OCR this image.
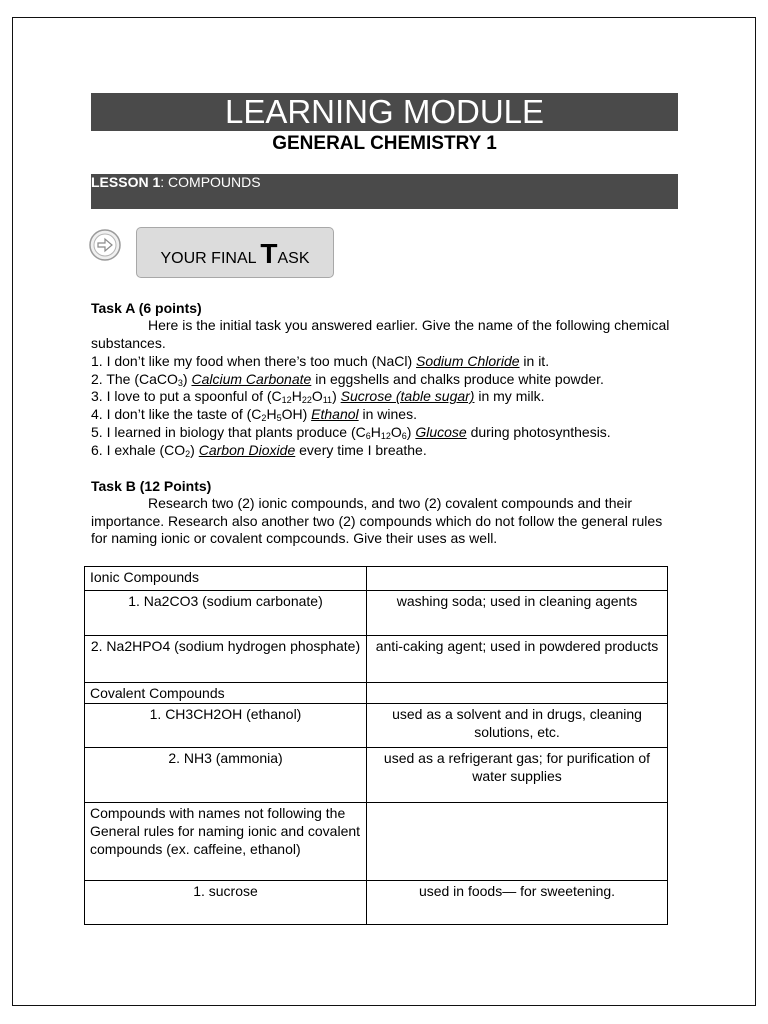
LEARNING MODULE
GENERAL CHEMISTRY 1
LESSON 1: COMPOUNDS
YOUR FINAL TASK
Task A (6 points)
Here is the initial task you answered earlier. Give the name of the following chemical substances.
1. I don’t like my food when there’s too much (NaCl) Sodium Chloride in it.
2. The (CaCO$_3$) Calcium Carbonate in eggshells and chalks produce white powder.
3. I love to put a spoonful of $(C_{12}H_{22}O_{11})$ Sucrose (table sugar) in my milk.
4. I don’t like the taste of $(C_2H_5OH)$ Ethanol in wines.
5. I learned in biology that plants produce $(C_6H_{12}O_6)$ Glucose during photosynthesis.
6. I exhale $(CO_2)$ Carbon Dioxide every time I breathe.
Task B (12 Points)
Research two (2) ionic compounds, and two (2) covalent compounds and their importance. Research also another two (2) compounds which do not follow the general rules for naming ionic or covalent compcounds. Give their uses as well.
Ionic Compounds	
1. Na2CO3 (sodium carbonate)	washing soda; used in cleaning agents
2. Na2HPO4 (sodium hydrogen phosphate)	anti-caking agent; used in powdered products
Covalent Compounds	
1. CH3CH2OH (ethanol)	used as a solvent and in drugs, cleaning solutions, etc.
2. NH3 (ammonia)	used as a refrigerant gas; for purification of water supplies
Compounds with names not following the General rules for naming ionic and covalent compounds (ex. caffeine, ethanol)	
1. sucrose	used in foods— for sweetening.
